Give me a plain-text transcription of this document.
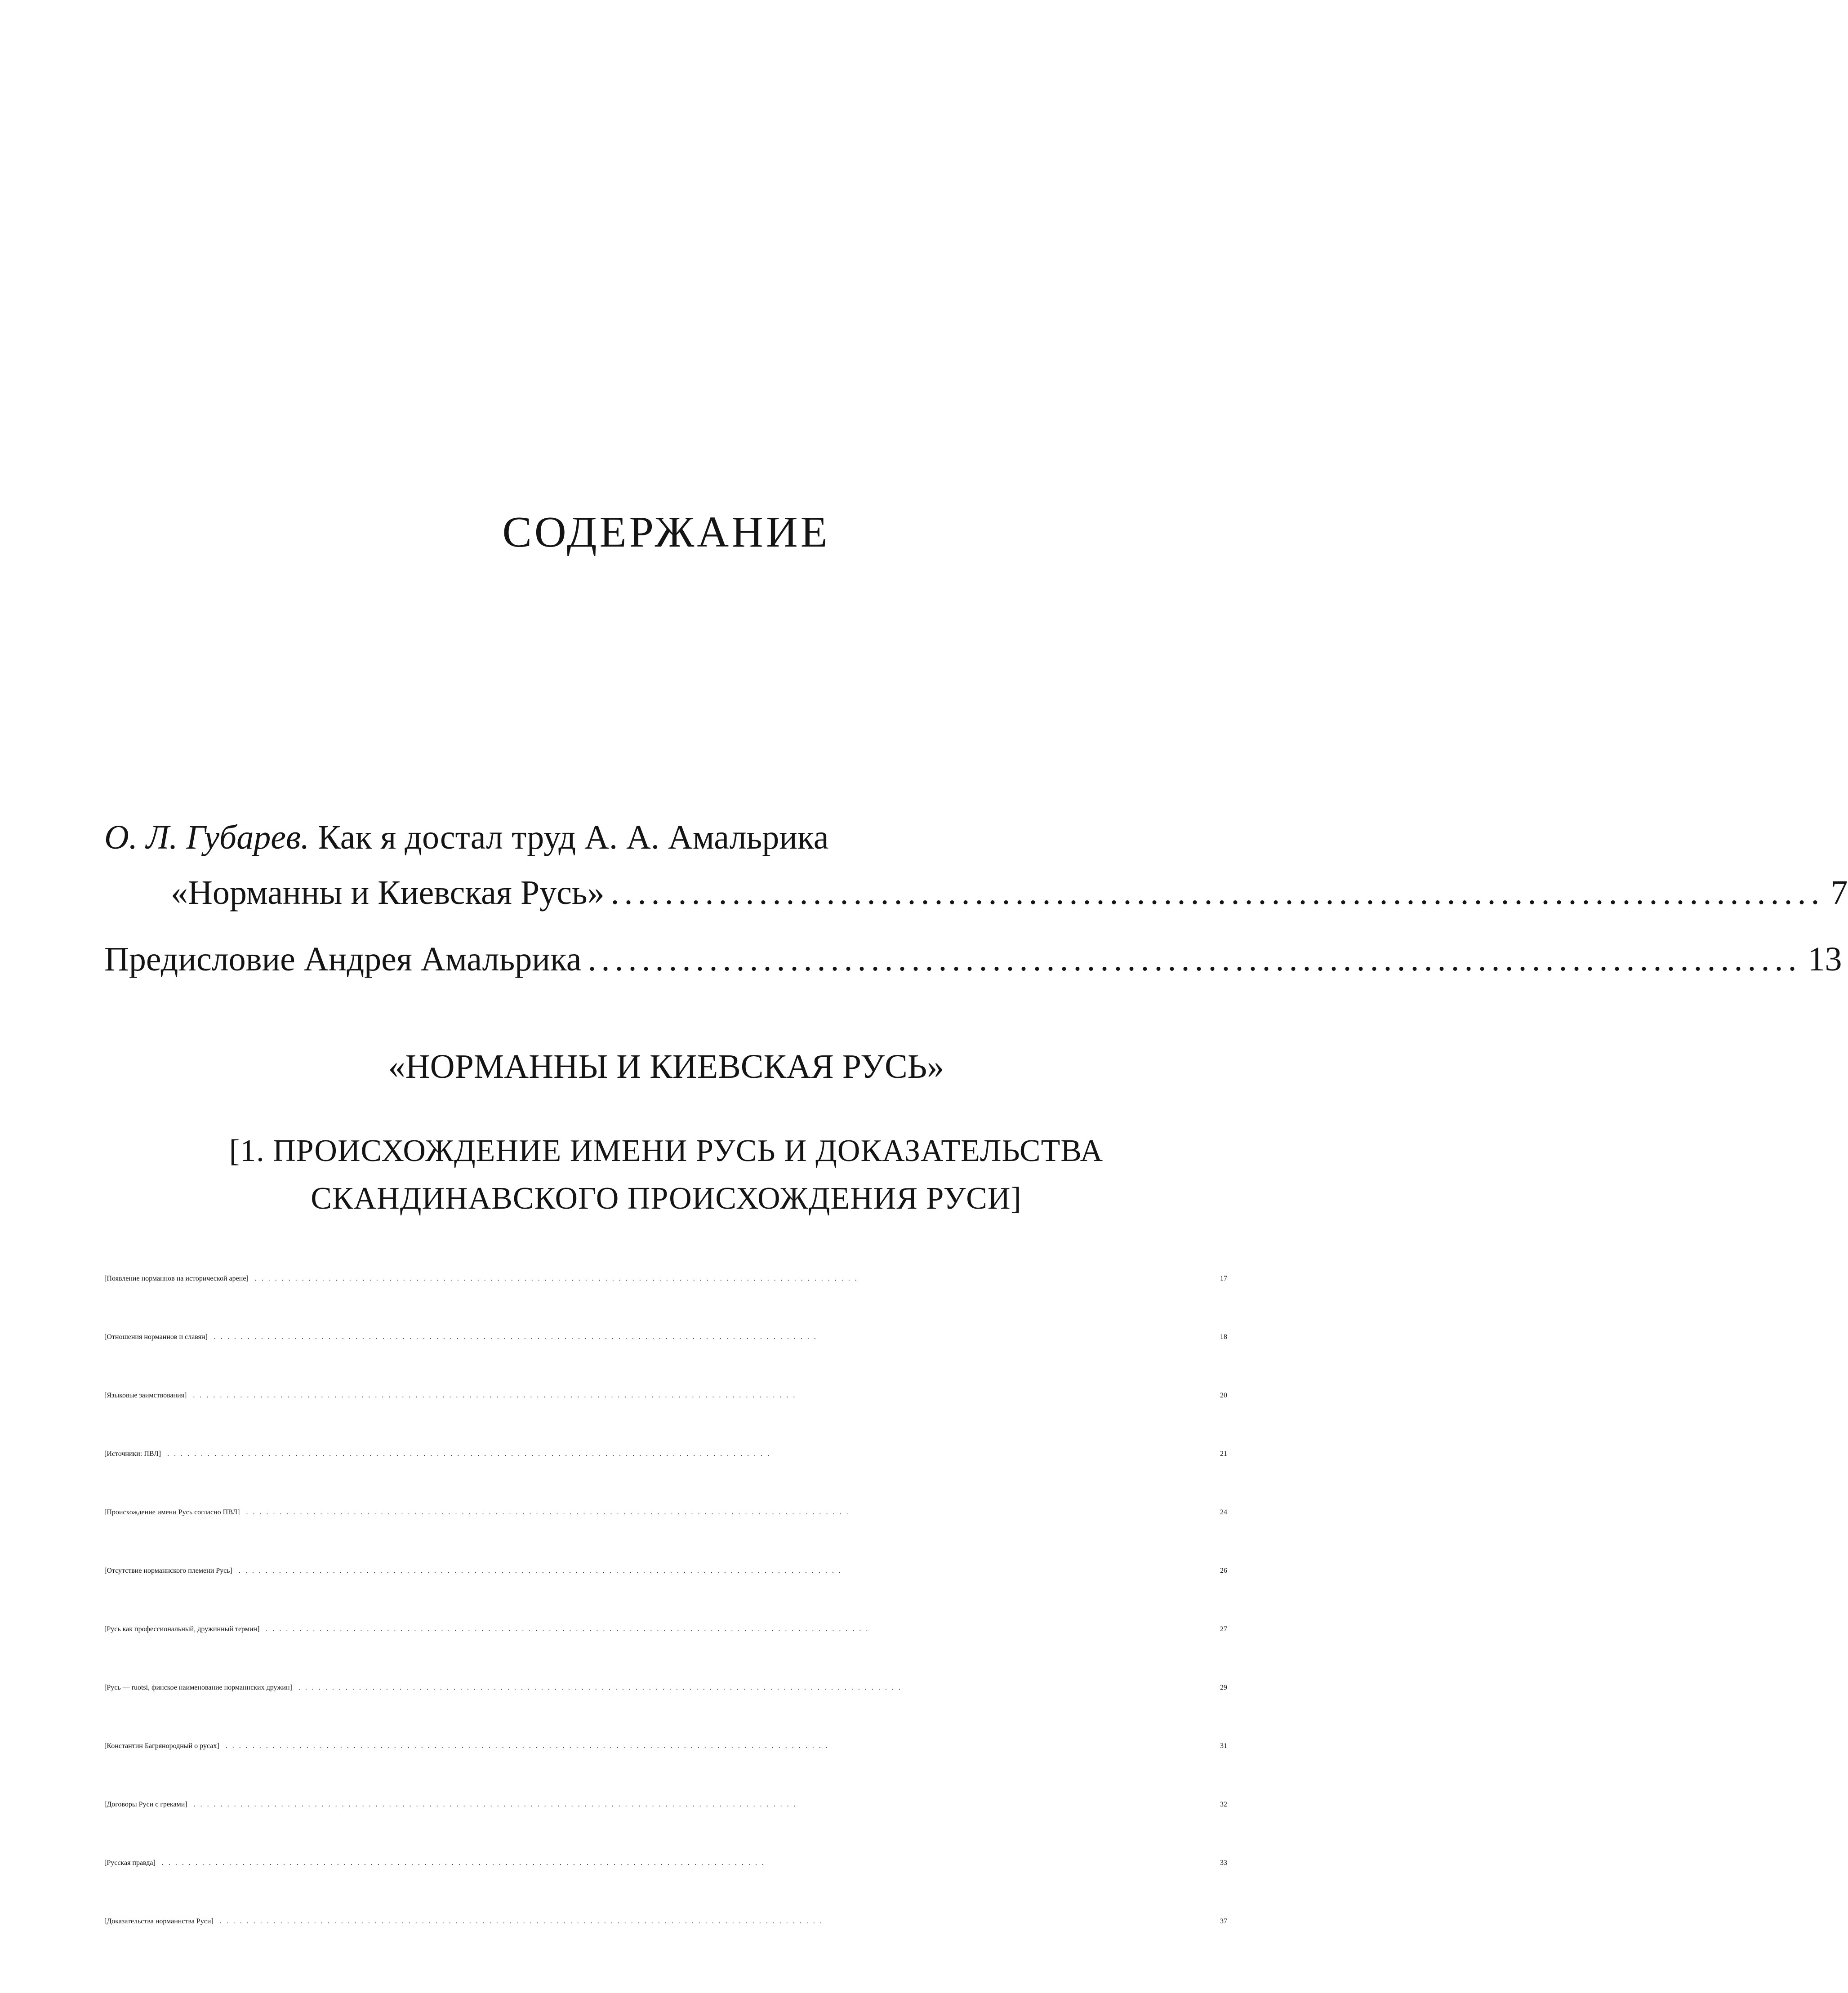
СОДЕРЖАНИЕ
О. Л. Губарев. Как я достал труд А. А. Амальрика
«Норманны и Киевская Русь» .......................................................................................... 7
Предисловие Андрея Амальрика .......................................................................................... 13
«НОРМАННЫ И КИЕВСКАЯ РУСЬ»
[1. ПРОИСХОЖДЕНИЕ ИМЕНИ РУСЬ И ДОКАЗАТЕЛЬСТВА
СКАНДИНАВСКОГО ПРОИСХОЖДЕНИЯ РУСИ]
[Появление норманнов на исторической арене] ..........................................................................................	17
[Отношения норманнов и славян] ..........................................................................................	18
[Языковые заимствования] ..........................................................................................	20
[Источники: ПВЛ] ..........................................................................................	21
[Происхождение имени Русь согласно ПВЛ] ..........................................................................................	24
[Отсутствие норманнского племени Русь] ..........................................................................................	26
[Русь как профессиональный, дружинный термин] ..........................................................................................	27
[Русь — ruotsi, финское наименование норманнских дружин] ..........................................................................................	29
[Константин Багрянородный о русах] ..........................................................................................	31
[Договоры Руси с греками] ..........................................................................................	32
[Русская правда] ..........................................................................................	33
[Доказательства норманнства Руси] ..........................................................................................	37
